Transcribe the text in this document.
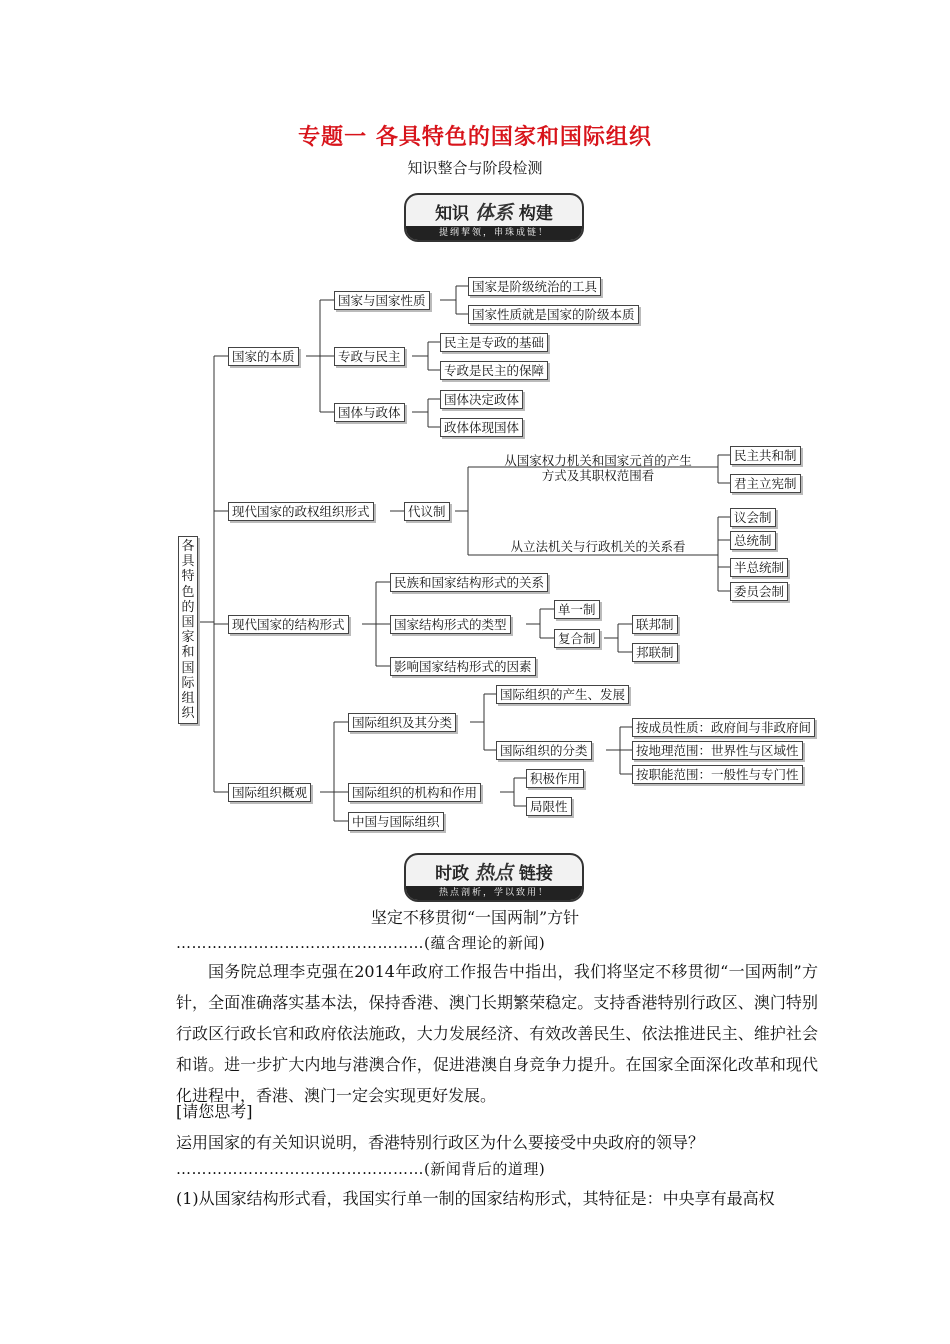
专题一 各具特色的国家和国际组织
知识整合与阶段检测
知识 体系 构建
提纲挈领，串珠成链！
各
具
特
色
的
国
家
和
国
际
组
织
国家的本质
现代国家的政权组织形式
现代国家的结构形式
国际组织概观
国家与国家性质
国家是阶级统治的工具
国家性质就是国家的阶级本质
专政与民主
民主是专政的基础
专政是民主的保障
国体与政体
国体决定政体
政体体现国体
代议制
从国家权力机关和国家元首的产生
方式及其职权范围看
民主共和制
君主立宪制
从立法机关与行政机关的关系看
议会制
总统制
半总统制
委员会制
民族和国家结构形式的关系
国家结构形式的类型
影响国家结构形式的因素
单一制
复合制
联邦制
邦联制
国际组织及其分类
国际组织的产生、发展
国际组织的分类
按成员性质：政府间与非政府间
按地理范围：世界性与区域性
按职能范围：一般性与专门性
国际组织的机构和作用
积极作用
局限性
中国与国际组织
时政 热点 链接
热点剖析，学以致用！
坚定不移贯彻“一国两制”方针
…………………………………………(蕴含理论的新闻)
国务院总理李克强在2014年政府工作报告中指出，我们将坚定不移贯彻“一国两制”方针，全面准确落实基本法，保持香港、澳门长期繁荣稳定。支持香港特别行政区、澳门特别行政区行政长官和政府依法施政，大力发展经济、有效改善民生、依法推进民主、维护社会和谐。进一步扩大内地与港澳合作，促进港澳自身竞争力提升。在国家全面深化改革和现代化进程中，香港、澳门一定会实现更好发展。
[请您思考]
运用国家的有关知识说明，香港特别行政区为什么要接受中央政府的领导？
…………………………………………(新闻背后的道理)
(1)从国家结构形式看，我国实行单一制的国家结构形式，其特征是：中央享有最高权
